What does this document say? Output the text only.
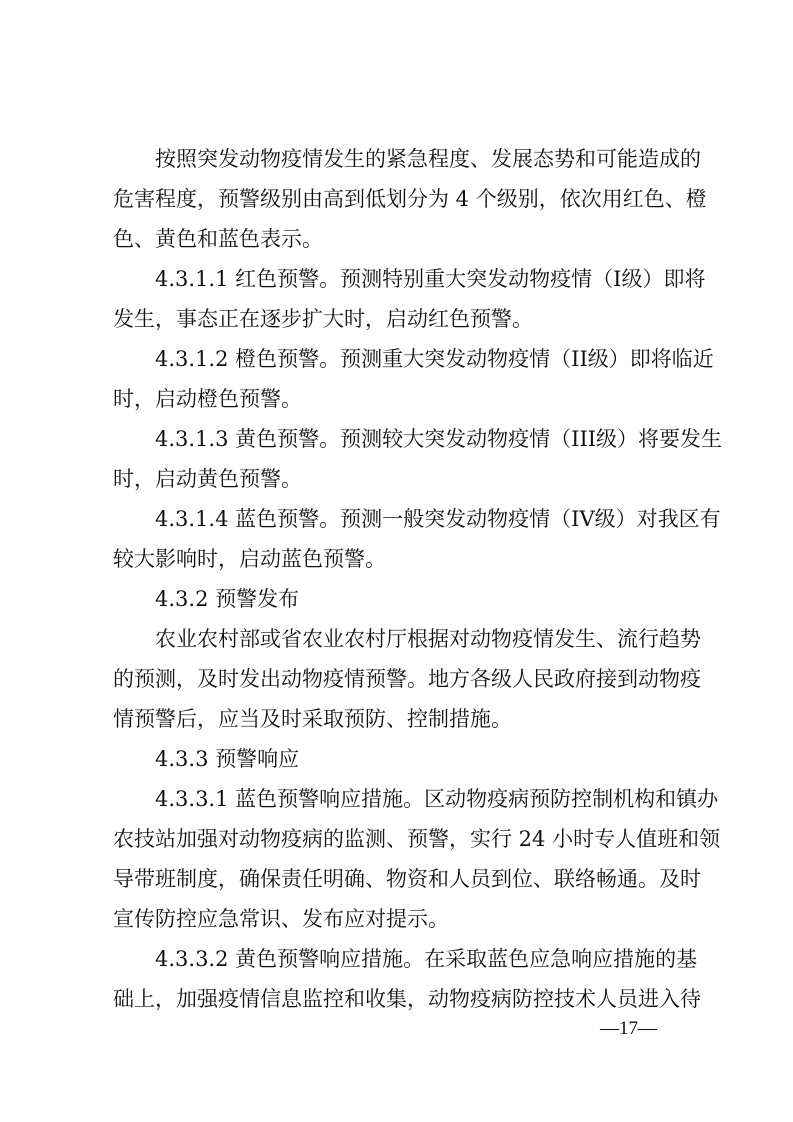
按照突发动物疫情发生的紧急程度、发展态势和可能造成的
危害程度，预警级别由高到低划分为 4 个级别，依次用红色、橙
色、黄色和蓝色表示。
4.3.1.1 红色预警。预测特别重大突发动物疫情（I级）即将
发生，事态正在逐步扩大时，启动红色预警。
4.3.1.2 橙色预警。预测重大突发动物疫情（II级）即将临近
时，启动橙色预警。
4.3.1.3 黄色预警。预测较大突发动物疫情（III级）将要发生
时，启动黄色预警。
4.3.1.4 蓝色预警。预测一般突发动物疫情（IV级）对我区有
较大影响时，启动蓝色预警。
4.3.2 预警发布
农业农村部或省农业农村厅根据对动物疫情发生、流行趋势
的预测，及时发出动物疫情预警。地方各级人民政府接到动物疫
情预警后，应当及时采取预防、控制措施。
4.3.3 预警响应
4.3.3.1 蓝色预警响应措施。区动物疫病预防控制机构和镇办
农技站加强对动物疫病的监测、预警，实行 24 小时专人值班和领
导带班制度，确保责任明确、物资和人员到位、联络畅通。及时
宣传防控应急常识、发布应对提示。
4.3.3.2 黄色预警响应措施。在采取蓝色应急响应措施的基
础上，加强疫情信息监控和收集，动物疫病防控技术人员进入待
—17—
